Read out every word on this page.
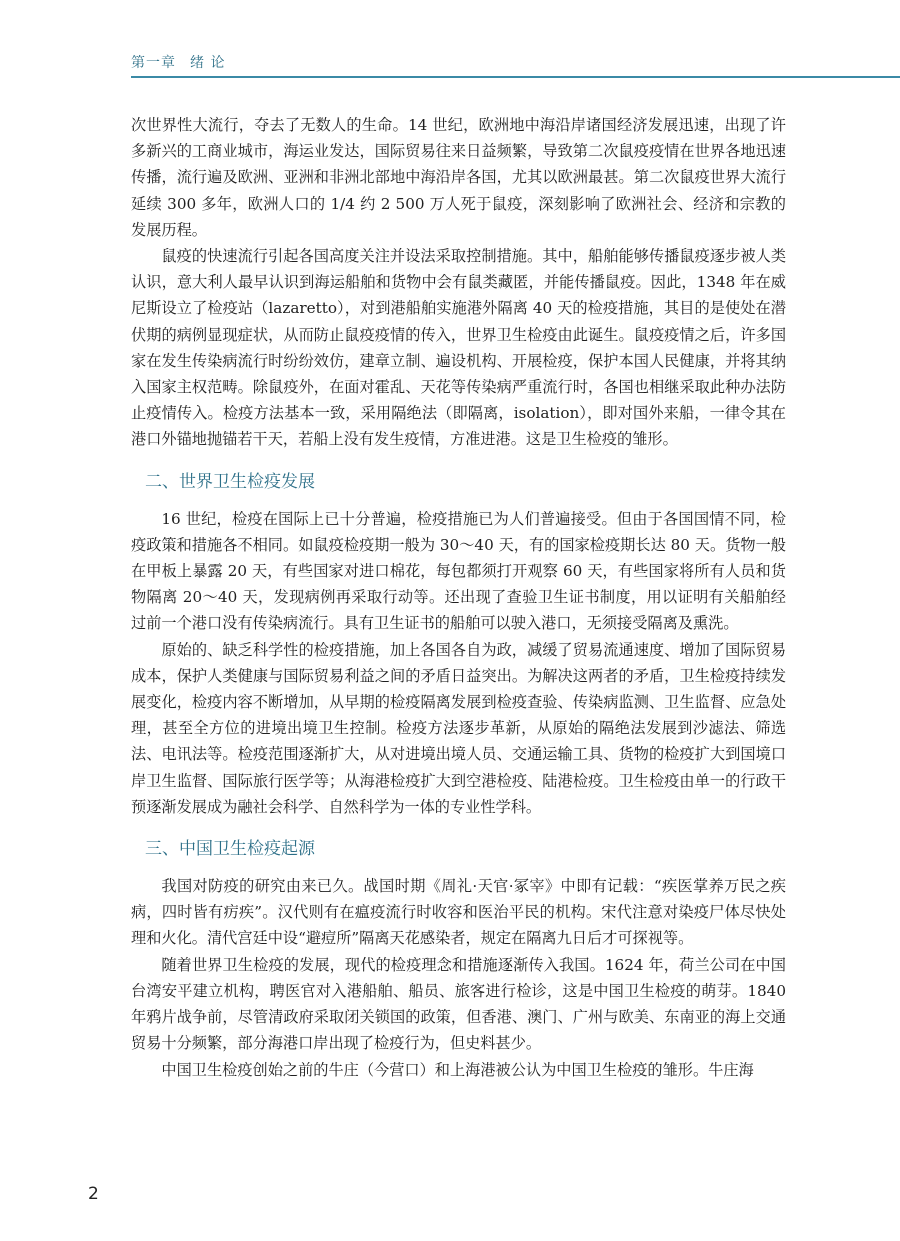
第一章 绪 论

次世界性大流行，夺去了无数人的生命。14 世纪，欧洲地中海沿岸诸国经济发展迅速，出现了许多新兴的工商业城市，海运业发达，国际贸易往来日益频繁，导致第二次鼠疫疫情在世界各地迅速传播，流行遍及欧洲、亚洲和非洲北部地中海沿岸各国，尤其以欧洲最甚。第二次鼠疫世界大流行延续 300 多年，欧洲人口的 1/4 约 2 500 万人死于鼠疫，深刻影响了欧洲社会、经济和宗教的发展历程。

鼠疫的快速流行引起各国高度关注并设法采取控制措施。其中，船舶能够传播鼠疫逐步被人类认识，意大利人最早认识到海运船舶和货物中会有鼠类藏匿，并能传播鼠疫。因此，1348 年在威尼斯设立了检疫站（lazaretto），对到港船舶实施港外隔离 40 天的检疫措施，其目的是使处在潜伏期的病例显现症状，从而防止鼠疫疫情的传入，世界卫生检疫由此诞生。鼠疫疫情之后，许多国家在发生传染病流行时纷纷效仿，建章立制、遍设机构、开展检疫，保护本国人民健康，并将其纳入国家主权范畴。除鼠疫外，在面对霍乱、天花等传染病严重流行时，各国也相继采取此种办法防止疫情传入。检疫方法基本一致，采用隔绝法（即隔离，isolation），即对国外来船，一律令其在港口外锚地抛锚若干天，若船上没有发生疫情，方准进港。这是卫生检疫的雏形。

二、世界卫生检疫发展

16 世纪，检疫在国际上已十分普遍，检疫措施已为人们普遍接受。但由于各国国情不同，检疫政策和措施各不相同。如鼠疫检疫期一般为 30～40 天，有的国家检疫期长达 80 天。货物一般在甲板上暴露 20 天，有些国家对进口棉花，每包都须打开观察 60 天，有些国家将所有人员和货物隔离 20～40 天，发现病例再采取行动等。还出现了查验卫生证书制度，用以证明有关船舶经过前一个港口没有传染病流行。具有卫生证书的船舶可以驶入港口，无须接受隔离及熏洗。

原始的、缺乏科学性的检疫措施，加上各国各自为政，减缓了贸易流通速度、增加了国际贸易成本，保护人类健康与国际贸易利益之间的矛盾日益突出。为解决这两者的矛盾，卫生检疫持续发展变化，检疫内容不断增加，从早期的检疫隔离发展到检疫查验、传染病监测、卫生监督、应急处理，甚至全方位的进境出境卫生控制。检疫方法逐步革新，从原始的隔绝法发展到沙滤法、筛选法、电讯法等。检疫范围逐渐扩大，从对进境出境人员、交通运输工具、货物的检疫扩大到国境口岸卫生监督、国际旅行医学等；从海港检疫扩大到空港检疫、陆港检疫。卫生检疫由单一的行政干预逐渐发展成为融社会科学、自然科学为一体的专业性学科。

三、中国卫生检疫起源

我国对防疫的研究由来已久。战国时期《周礼·天官·冢宰》中即有记载：“疾医掌养万民之疾病，四时皆有疠疾”。汉代则有在瘟疫流行时收容和医治平民的机构。宋代注意对染疫尸体尽快处理和火化。清代宫廷中设“避痘所”隔离天花感染者，规定在隔离九日后才可探视等。

随着世界卫生检疫的发展，现代的检疫理念和措施逐渐传入我国。1624 年，荷兰公司在中国台湾安平建立机构，聘医官对入港船舶、船员、旅客进行检诊，这是中国卫生检疫的萌芽。1840 年鸦片战争前，尽管清政府采取闭关锁国的政策，但香港、澳门、广州与欧美、东南亚的海上交通贸易十分频繁，部分海港口岸出现了检疫行为，但史料甚少。

中国卫生检疫创始之前的牛庄（今营口）和上海港被公认为中国卫生检疫的雏形。牛庄海

2
